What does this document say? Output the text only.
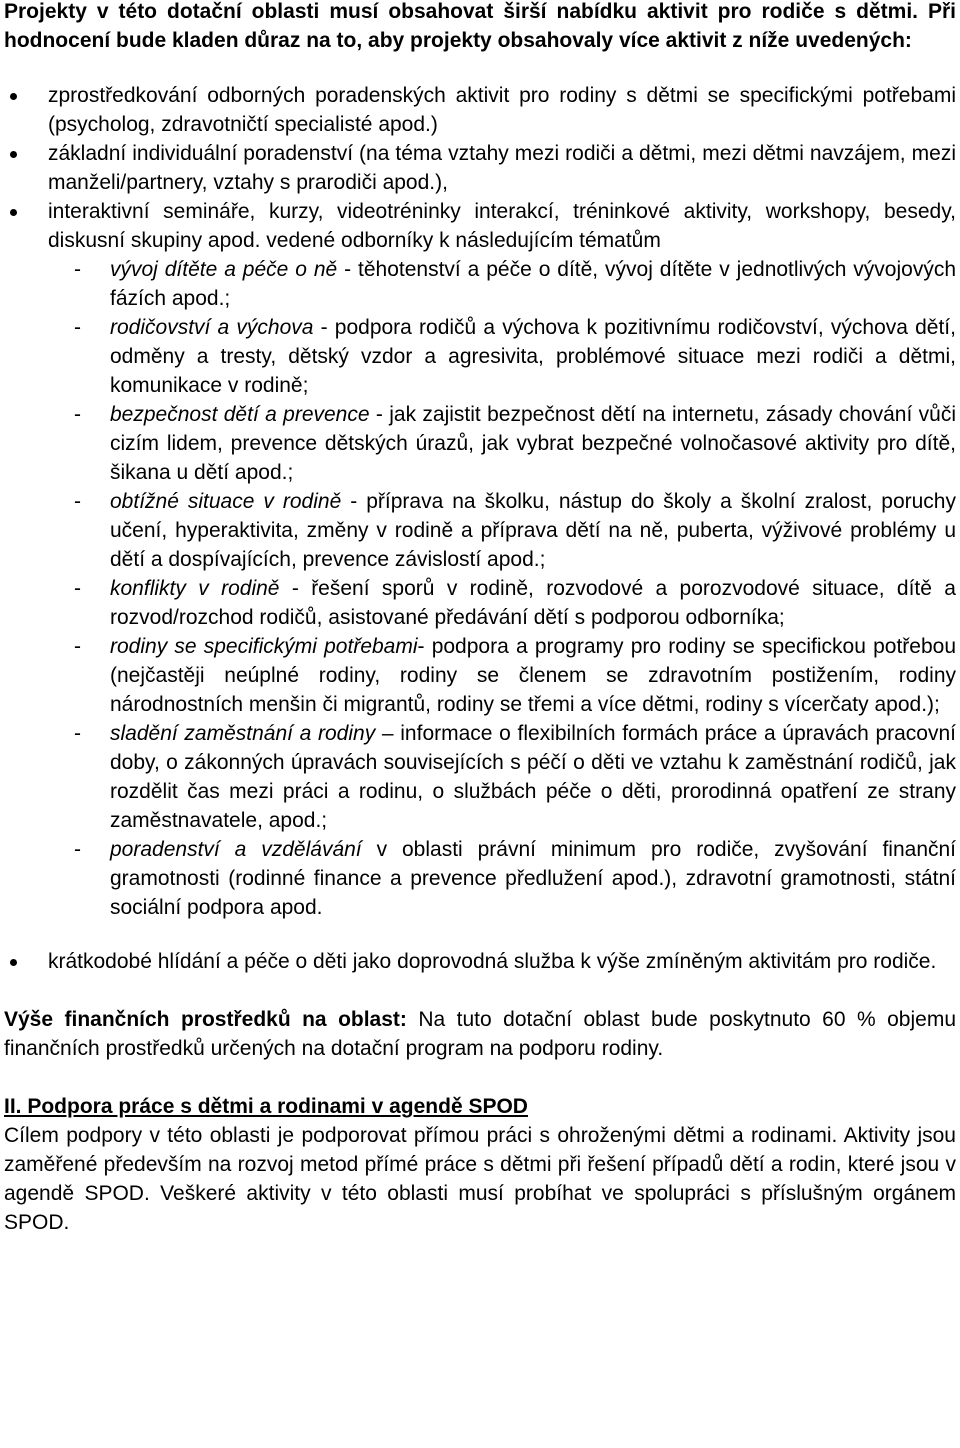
Projekty v této dotační oblasti musí obsahovat širší nabídku aktivit pro rodiče s dětmi. Při hodnocení bude kladen důraz na to, aby projekty obsahovaly více aktivit z níže uvedených:

zprostředkování odborných poradenských aktivit pro rodiny s dětmi se specifickými potřebami (psycholog, zdravotničtí specialisté apod.)
základní individuální poradenství (na téma vztahy mezi rodiči a dětmi, mezi dětmi navzájem, mezi manželi/partnery, vztahy s prarodiči apod.),
interaktivní semináře, kurzy, videotréninky interakcí, tréninkové aktivity, workshopy, besedy, diskusní skupiny apod. vedené odborníky k následujícím tématům
- vývoj dítěte a péče o ně - těhotenství a péče o dítě, vývoj dítěte v jednotlivých vývojových fázích apod.;
- rodičovství a výchova - podpora rodičů a výchova k pozitivnímu rodičovství, výchova dětí, odměny a tresty, dětský vzdor a agresivita, problémové situace mezi rodiči a dětmi, komunikace v rodině;
- bezpečnost dětí a prevence - jak zajistit bezpečnost dětí na internetu, zásady chování vůči cizím lidem, prevence dětských úrazů, jak vybrat bezpečné volnočasové aktivity pro dítě, šikana u dětí apod.;
- obtížné situace v rodině - příprava na školku, nástup do školy a školní zralost, poruchy učení, hyperaktivita, změny v rodině a příprava dětí na ně, puberta, výživové problémy u dětí a dospívajících, prevence závislostí apod.;
- konflikty v rodině - řešení sporů v rodině, rozvodové a porozvodové situace, dítě a rozvod/rozchod rodičů, asistované předávání dětí s podporou odborníka;
- rodiny se specifickými potřebami- podpora a programy pro rodiny se specifickou potřebou (nejčastěji neúplné rodiny, rodiny se členem se zdravotním postižením, rodiny národnostních menšin či migrantů, rodiny se třemi a více dětmi, rodiny s vícerčaty apod.);
- sladění zaměstnání a rodiny – informace o flexibilních formách práce a úpravách pracovní doby, o zákonných úpravách souvisejících s péčí o děti ve vztahu k zaměstnání rodičů, jak rozdělit čas mezi práci a rodinu, o službách péče o děti, prorodinná opatření ze strany zaměstnavatele, apod.;
- poradenství a vzdělávání v oblasti právní minimum pro rodiče, zvyšování finanční gramotnosti (rodinné finance a prevence předlužení apod.), zdravotní gramotnosti, státní sociální podpora apod.
krátkodobé hlídání a péče o děti jako doprovodná služba k výše zmíněným aktivitám pro rodiče.

Výše finančních prostředků na oblast: Na tuto dotační oblast bude poskytnuto 60 % objemu finančních prostředků určených na dotační program na podporu rodiny.

II. Podpora práce s dětmi a rodinami v agendě SPOD

Cílem podpory v této oblasti je podporovat přímou práci s ohroženými dětmi a rodinami. Aktivity jsou zaměřené především na rozvoj metod přímé práce s dětmi při řešení případů dětí a rodin, které jsou v agendě SPOD. Veškeré aktivity v této oblasti musí probíhat ve spolupráci s příslušným orgánem SPOD.
